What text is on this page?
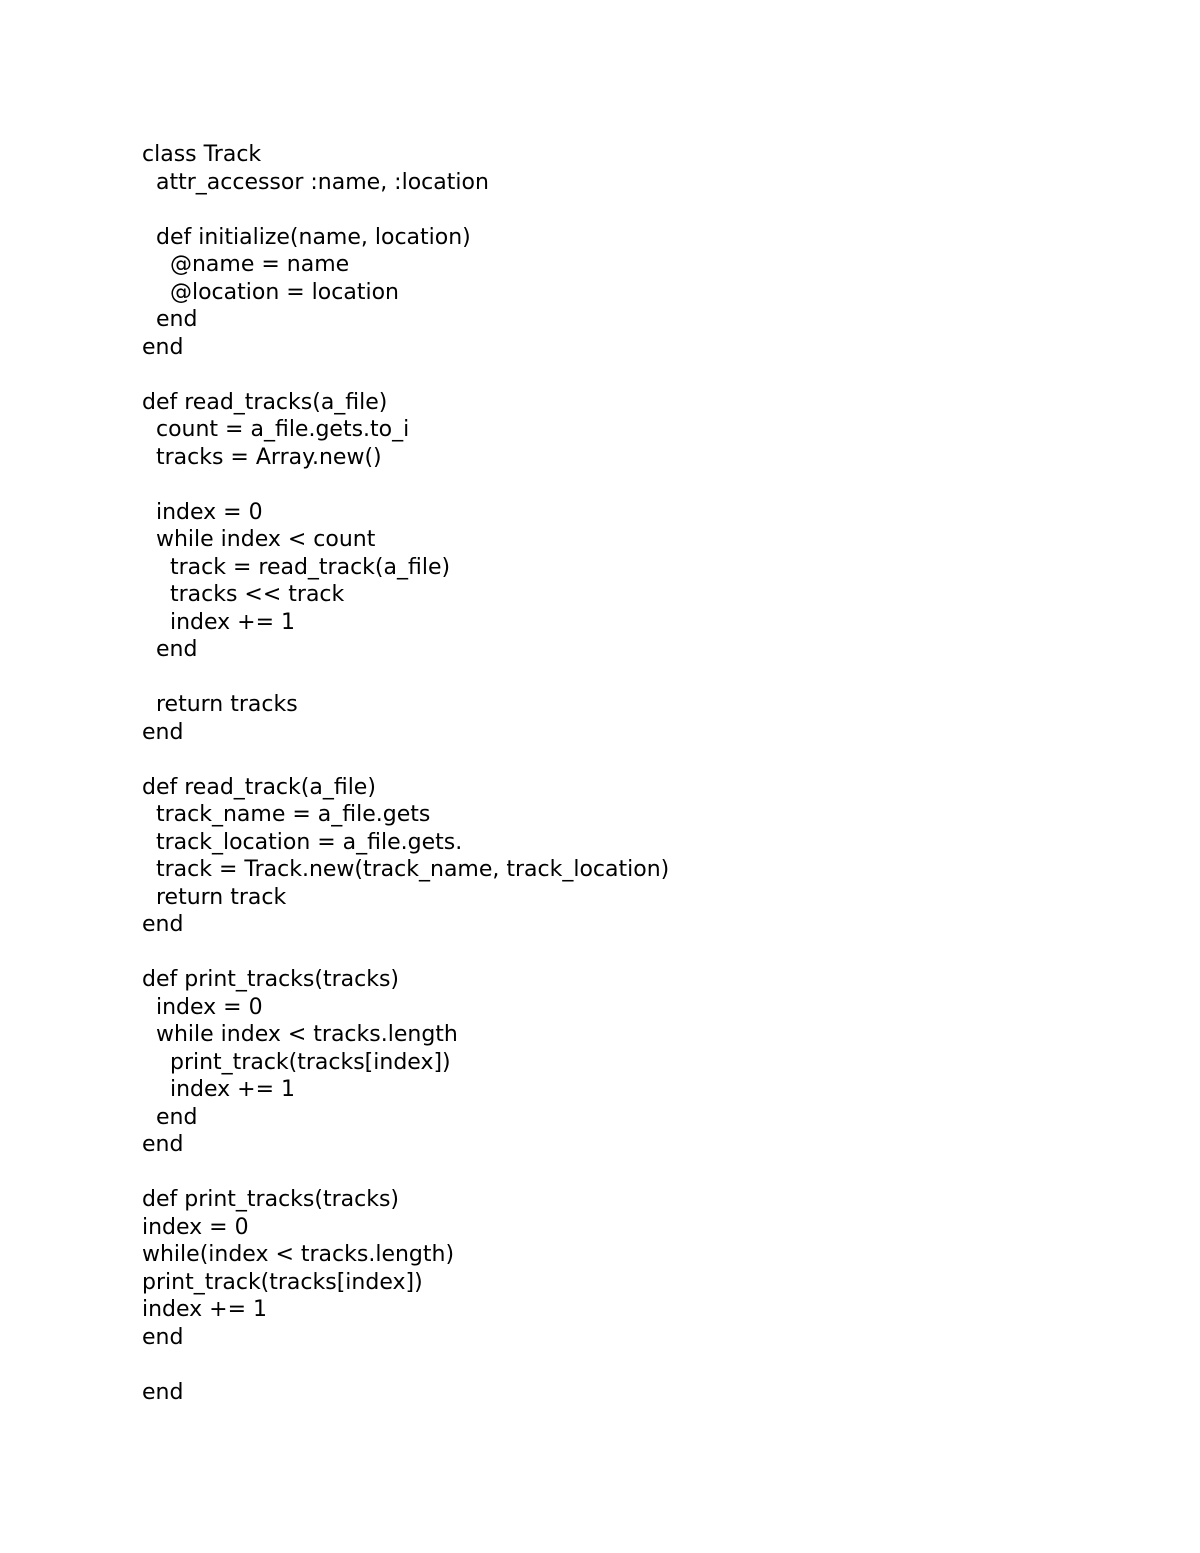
class Track
attr_accessor :name, :location
def initialize(name, location)
@name = name
@location = location
end
end
def read_tracks(a_file)
count = a_file.gets.to_i
tracks = Array.new()
index = 0
while index < count
track = read_track(a_file)
tracks << track
index += 1
end
return tracks
end
def read_track(a_file)
track_name = a_file.gets
track_location = a_file.gets.
track = Track.new(track_name, track_location)
return track
end
def print_tracks(tracks)
index = 0
while index < tracks.length
print_track(tracks[index])
index += 1
end
end
def print_tracks(tracks)
index = 0
while(index < tracks.length)
print_track(tracks[index])
index += 1
end
end
